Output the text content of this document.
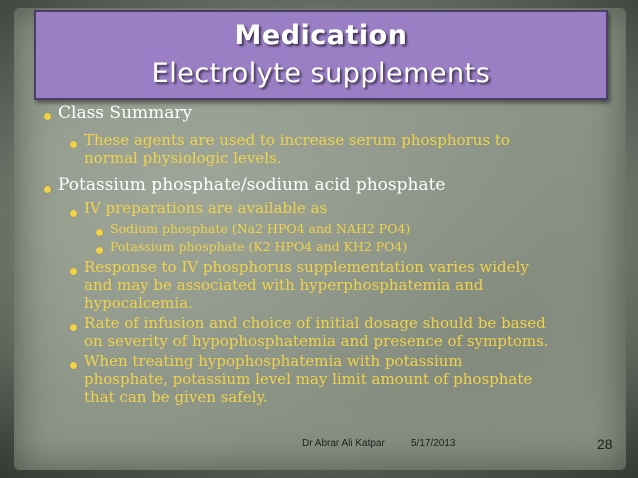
Medication
Electrolyte supplements
Class Summary
These agents are used to increase serum phosphorus to
normal physiologic levels.
Potassium phosphate/sodium acid phosphate
IV preparations are available as
Sodium phosphate (Na2 HPO4 and NAH2 PO4)
Potassium phosphate (K2 HPO4 and KH2 PO4)
Response to IV phosphorus supplementation varies widely
and may be associated with hyperphosphatemia and
hypocalcemia.
Rate of infusion and choice of initial dosage should be based
on severity of hypophosphatemia and presence of symptoms.
When treating hypophosphatemia with potassium
phosphate, potassium level may limit amount of phosphate
that can be given safely.
Dr Abrar Ali Katpar	5/17/2013	28
